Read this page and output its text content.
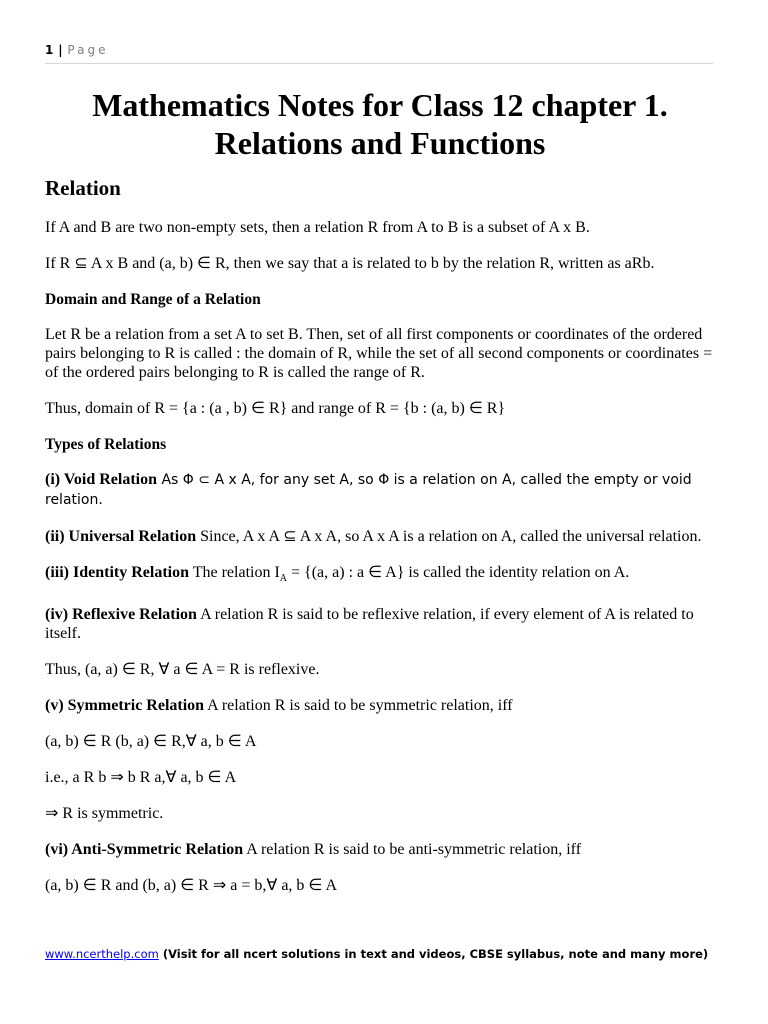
1 | Page
Mathematics Notes for Class 12 chapter 1. Relations and Functions
Relation

If A and B are two non-empty sets, then a relation R from A to B is a subset of A x B.

If R ⊆ A x B and (a, b) ∈ R, then we say that a is related to b by the relation R, written as aRb.

Domain and Range of a Relation

Let R be a relation from a set A to set B. Then, set of all first components or coordinates of the ordered pairs belonging to R is called : the domain of R, while the set of all second components or coordinates = of the ordered pairs belonging to R is called the range of R.

Thus, domain of R = {a : (a , b) ∈ R} and range of R = {b : (a, b) ∈ R}

Types of Relations

(i) Void Relation As Φ ⊂ A x A, for any set A, so Φ is a relation on A, called the empty or void relation.

(ii) Universal Relation Since, A x A ⊆ A x A, so A x A is a relation on A, called the universal relation.

(iii) Identity Relation The relation $I_A = \{(a$, a) : a ∈ A} is called the identity relation on A.

(iv) Reflexive Relation A relation R is said to be reflexive relation, if every element of A is related to itself.

Thus, (a, a) ∈ R, ∀ a ∈ A = R is reflexive.

(v) Symmetric Relation A relation R is said to be symmetric relation, iff

(a, b) ∈ R (b, a) ∈ R,∀ a, b ∈ A

i.e., a R b ⇒ b R a,∀ a, b ∈ A

⇒ R is symmetric.

(vi) Anti-Symmetric Relation A relation R is said to be anti-symmetric relation, iff

(a, b) ∈ R and (b, a) ∈ R ⇒ a = b,∀ a, b ∈ A

www.ncerthelp.com (Visit for all ncert solutions in text and videos, CBSE syllabus, note and many more)
